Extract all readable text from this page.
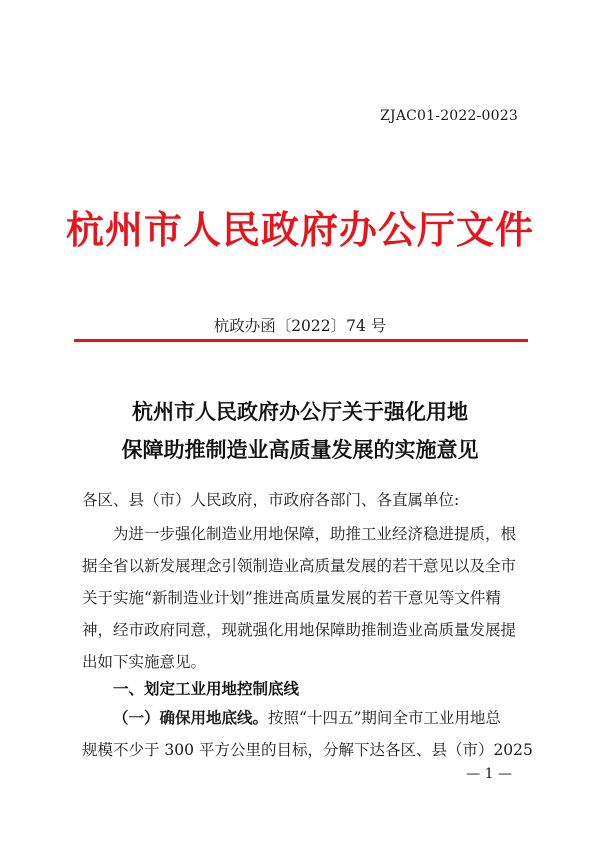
ZJAC01-2022-0023
杭州市人民政府办公厅文件
杭政办函〔2022〕74 号
杭州市人民政府办公厅关于强化用地
保障助推制造业高质量发展的实施意见
各区、县（市）人民政府，市政府各部门、各直属单位:
为进一步强化制造业用地保障，助推工业经济稳进提质，根
据全省以新发展理念引领制造业高质量发展的若干意见以及全市
关于实施“新制造业计划”推进高质量发展的若干意见等文件精
神，经市政府同意，现就强化用地保障助推制造业高质量发展提
出如下实施意见。
一、划定工业用地控制底线
（一）确保用地底线。按照“十四五”期间全市工业用地总
规模不少于 300 平方公里的目标，分解下达各区、县（市）2025
— 1 —
